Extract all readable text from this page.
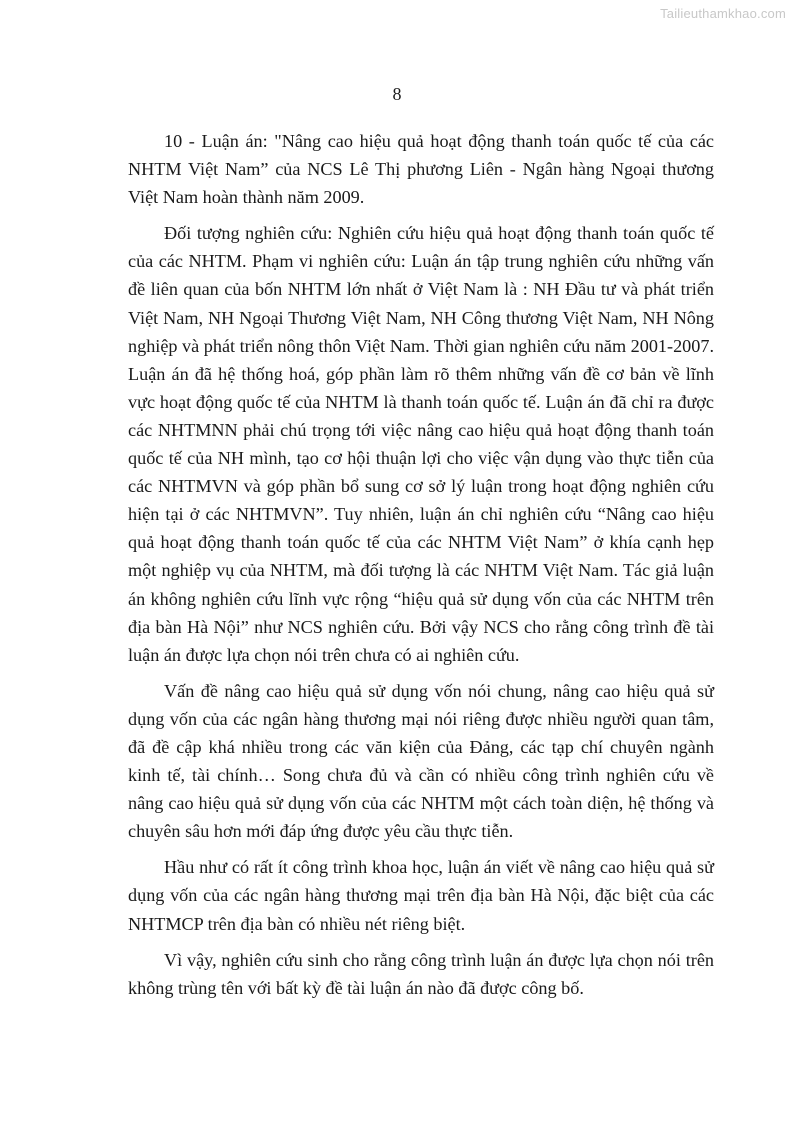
Tailieuthamkhao.com
8

10 - Luận án: "Nâng cao hiệu quả hoạt động thanh toán quốc tế của các NHTM Việt Nam” của NCS Lê Thị phương Liên - Ngân hàng Ngoại thương Việt Nam hoàn thành năm 2009.

Đối tượng nghiên cứu: Nghiên cứu hiệu quả hoạt động thanh toán quốc tế của các NHTM. Phạm vi nghiên cứu: Luận án tập trung nghiên cứu những vấn đề liên quan của bốn NHTM lớn nhất ở Việt Nam là : NH Đầu tư và phát triển Việt Nam, NH Ngoại Thương Việt Nam, NH Công thương Việt Nam, NH Nông nghiệp và phát triển nông thôn Việt Nam. Thời gian nghiên cứu năm 2001-2007. Luận án đã hệ thống hoá, góp phần làm rõ thêm những vấn đề cơ bản về lĩnh vực hoạt động quốc tế của NHTM là thanh toán quốc tế. Luận án đã chỉ ra được các NHTMNN phải chú trọng tới việc nâng cao hiệu quả hoạt động thanh toán quốc tế của NH mình, tạo cơ hội thuận lợi cho việc vận dụng vào thực tiễn của các NHTMVN và góp phần bổ sung cơ sở lý luận trong hoạt động nghiên cứu hiện tại ở các NHTMVN”. Tuy nhiên, luận án chỉ nghiên cứu “Nâng cao hiệu quả hoạt động thanh toán quốc tế của các NHTM Việt Nam” ở khía cạnh hẹp một nghiệp vụ của NHTM, mà đối tượng là các NHTM Việt Nam. Tác giả luận án không nghiên cứu lĩnh vực rộng “hiệu quả sử dụng vốn của các NHTM trên địa bàn Hà Nội” như NCS nghiên cứu. Bởi vậy NCS cho rằng công trình đề tài luận án được lựa chọn nói trên chưa có ai nghiên cứu.

Vấn đề nâng cao hiệu quả sử dụng vốn nói chung, nâng cao hiệu quả sử dụng vốn của các ngân hàng thương mại nói riêng được nhiều người quan tâm, đã đề cập khá nhiều trong các văn kiện của Đảng, các tạp chí chuyên ngành kinh tế, tài chính… Song chưa đủ và cần có nhiều công trình nghiên cứu về nâng cao hiệu quả sử dụng vốn của các NHTM một cách toàn diện, hệ thống và chuyên sâu hơn mới đáp ứng được yêu cầu thực tiễn.

Hầu như có rất ít công trình khoa học, luận án viết về nâng cao hiệu quả sử dụng vốn của các ngân hàng thương mại trên địa bàn Hà Nội, đặc biệt của các NHTMCP trên địa bàn có nhiều nét riêng biệt.

Vì vậy, nghiên cứu sinh cho rằng công trình luận án được lựa chọn nói trên không trùng tên với bất kỳ đề tài luận án nào đã được công bố.
